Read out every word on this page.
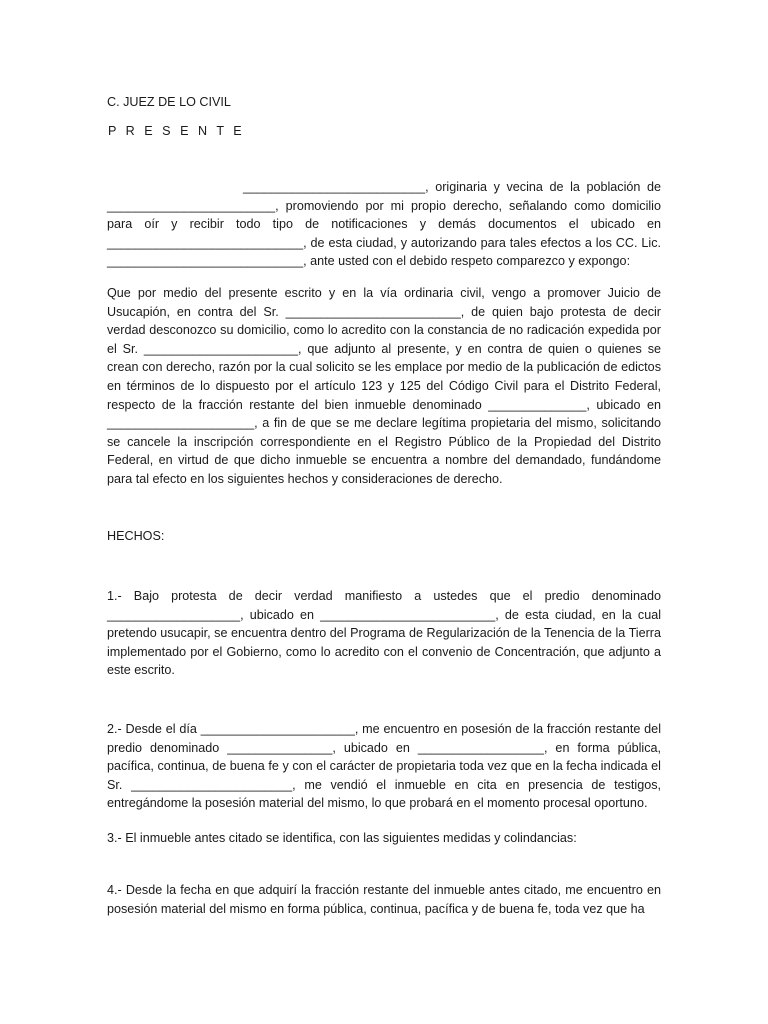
C. JUEZ DE LO CIVIL

P R E S E N T E

__________________________, originaria y vecina de la población de ________________________, promoviendo por mi propio derecho, señalando como domicilio para oír y recibir todo tipo de notificaciones y demás documentos el ubicado en ____________________________, de esta ciudad, y autorizando para tales efectos a los CC. Lic. ____________________________, ante usted con el debido respeto comparezco y expongo:

Que por medio del presente escrito y en la vía ordinaria civil, vengo a promover Juicio de Usucapión, en contra del Sr. _________________________, de quien bajo protesta de decir verdad desconozco su domicilio, como lo acredito con la constancia de no radicación expedida por el Sr. ______________________, que adjunto al presente, y en contra de quien o quienes se crean con derecho, razón por la cual solicito se les emplace por medio de la publicación de edictos en términos de lo dispuesto por el artículo 123 y 125 del Código Civil para el Distrito Federal, respecto de la fracción restante del bien inmueble denominado ______________, ubicado en _____________________, a fin de que se me declare legítima propietaria del mismo, solicitando se cancele la inscripción correspondiente en el Registro Público de la Propiedad del Distrito Federal, en virtud de que dicho inmueble se encuentra a nombre del demandado, fundándome para tal efecto en los siguientes hechos y consideraciones de derecho.

HECHOS:

1.- Bajo protesta de decir verdad manifiesto a ustedes que el predio denominado ___________________, ubicado en _________________________, de esta ciudad, en la cual pretendo usucapir, se encuentra dentro del Programa de Regularización de la Tenencia de la Tierra implementado por el Gobierno, como lo acredito con el convenio de Concentración, que adjunto a este escrito.

2.- Desde el día ______________________, me encuentro en posesión de la fracción restante del predio denominado _______________, ubicado en __________________, en forma pública, pacífica, continua, de buena fe y con el carácter de propietaria toda vez que en la fecha indicada el Sr. _______________________, me vendió el inmueble en cita en presencia de testigos, entregándome la posesión material del mismo, lo que probará en el momento procesal oportuno.

3.- El inmueble antes citado se identifica, con las siguientes medidas y colindancias:

4.- Desde la fecha en que adquirí la fracción restante del inmueble antes citado, me encuentro en posesión material del mismo en forma pública, continua, pacífica y de buena fe, toda vez que ha
